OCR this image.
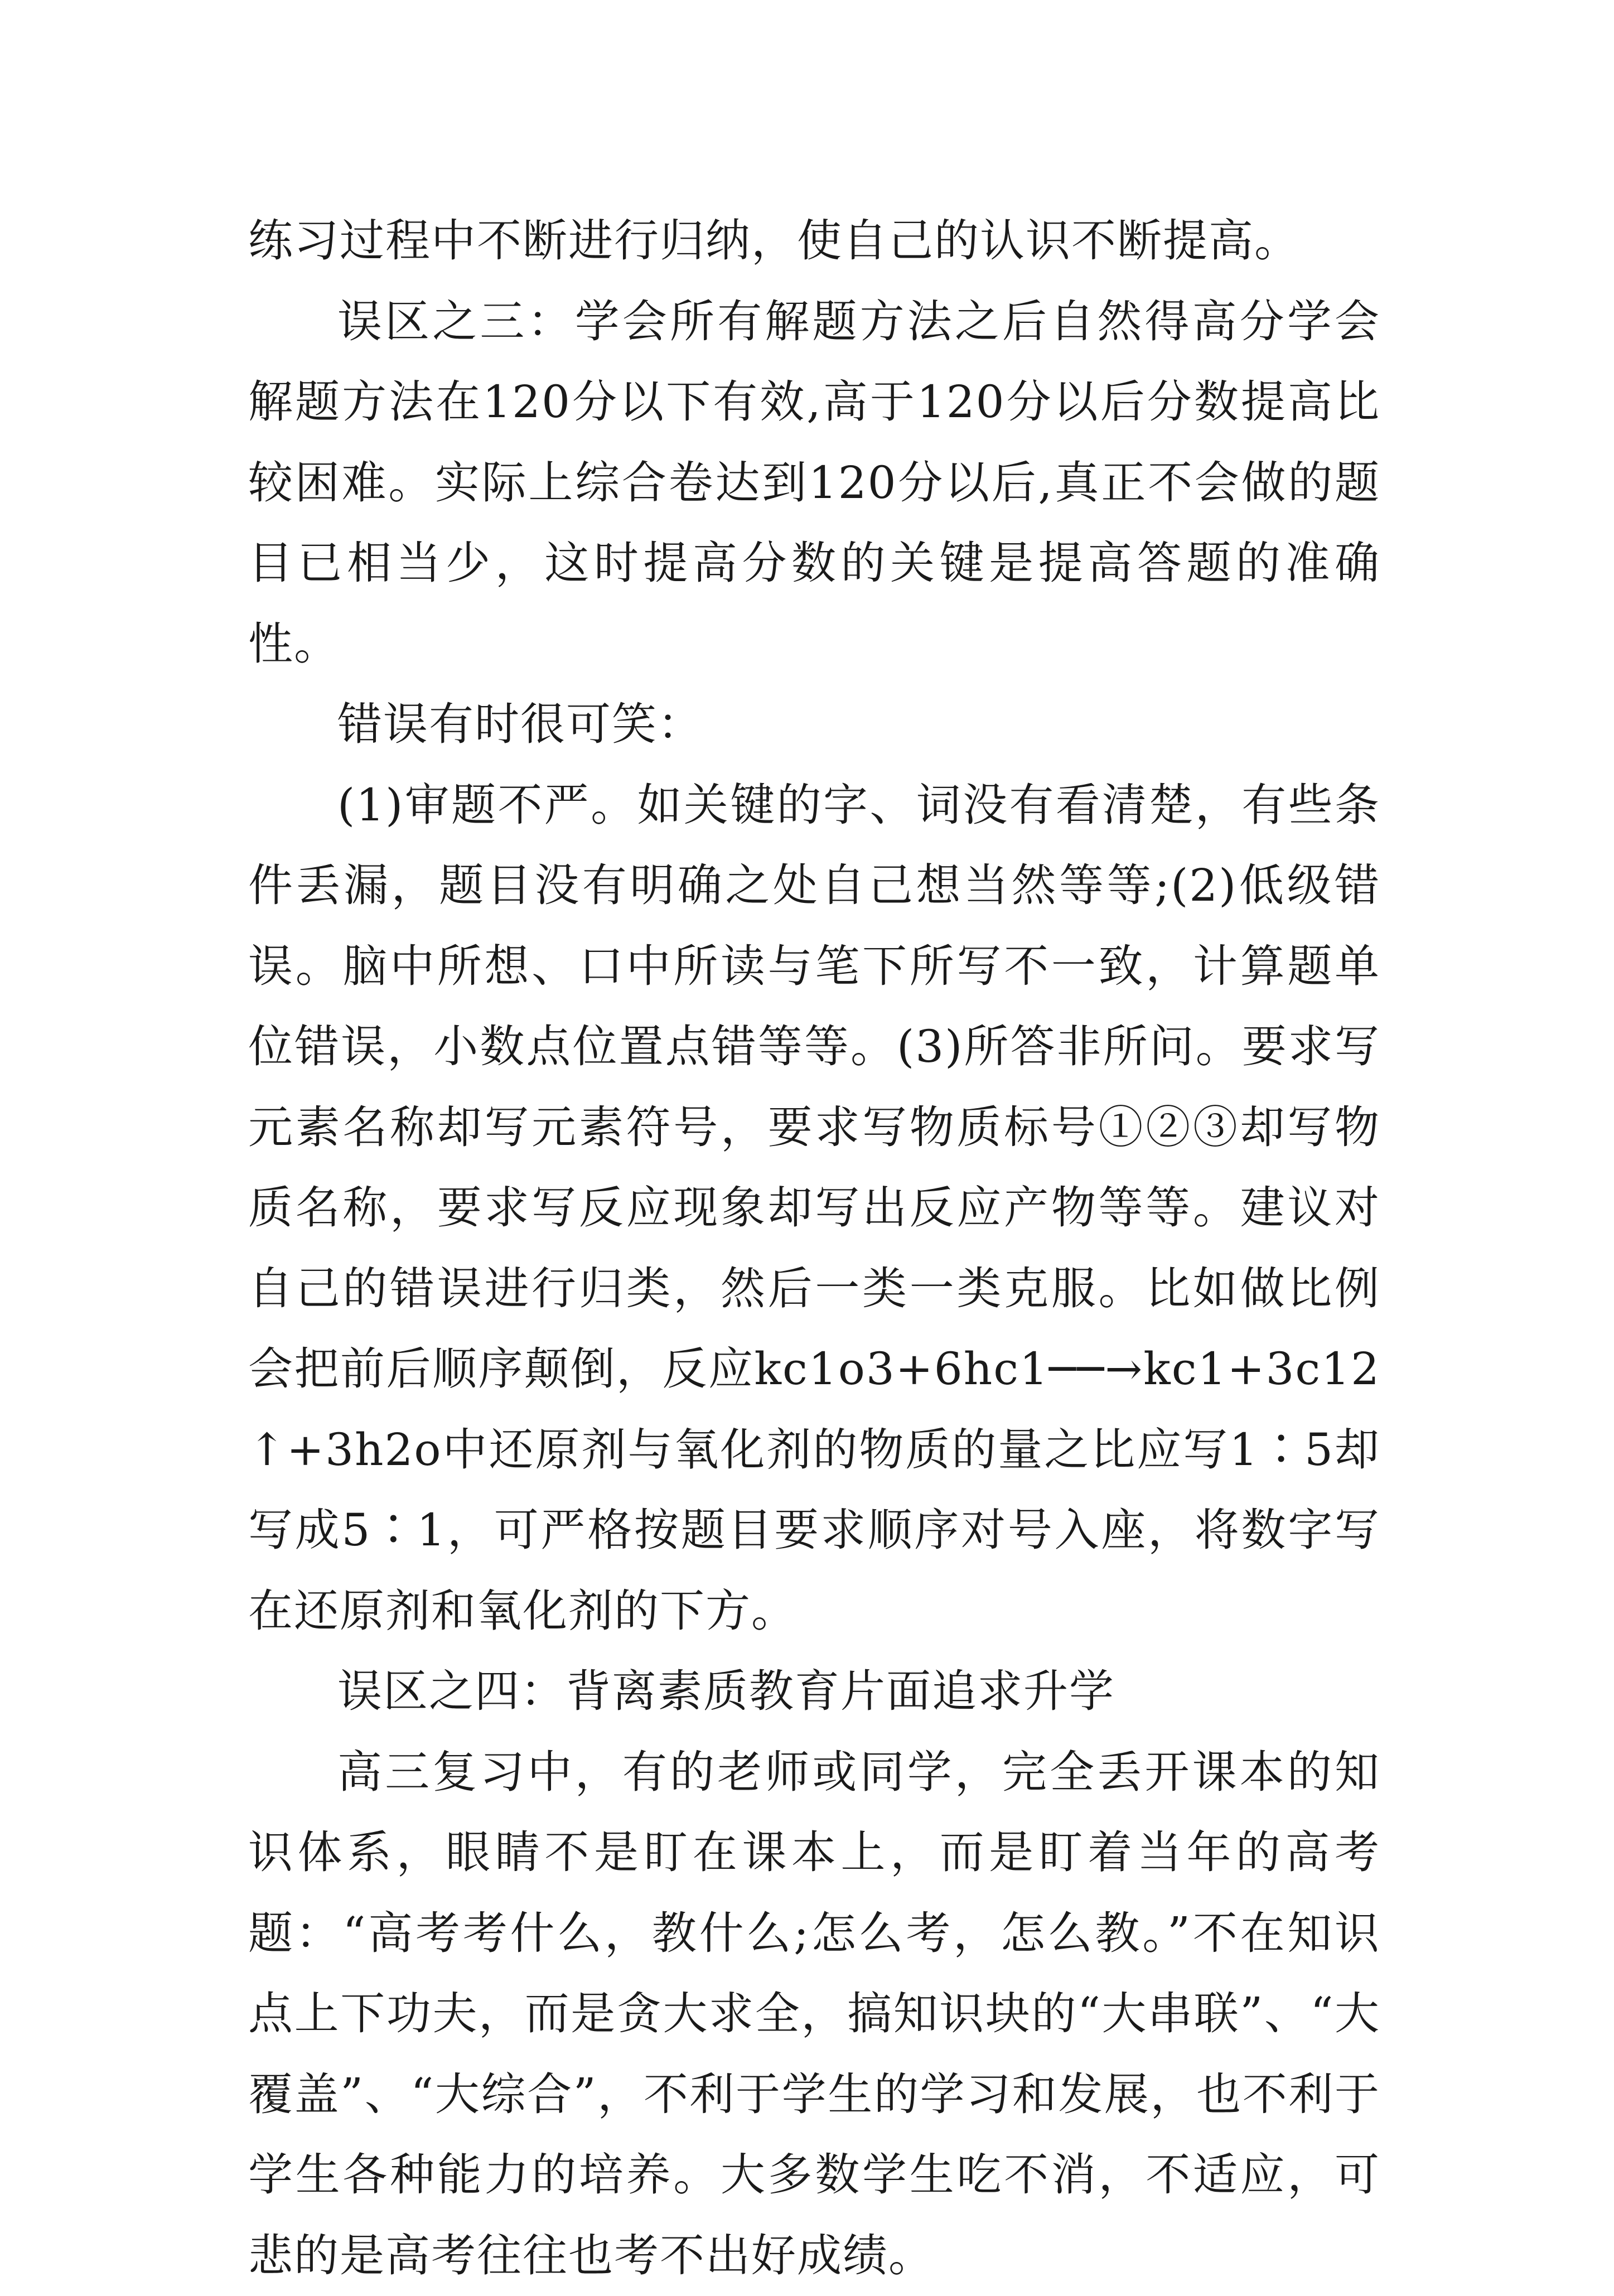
练习过程中不断进行归纳，使自己的认识不断提高。

误区之三：学会所有解题方法之后自然得高分学会解题方法在120分以下有效,高于120分以后分数提高比较困难。实际上综合卷达到120分以后,真正不会做的题目已相当少，这时提高分数的关键是提高答题的准确性。

错误有时很可笑：

(1)审题不严。如关键的字、词没有看清楚，有些条件丢漏，题目没有明确之处自己想当然等等;(2)低级错误。脑中所想、口中所读与笔下所写不一致，计算题单位错误，小数点位置点错等等。(3)所答非所问。要求写元素名称却写元素符号，要求写物质标号①②③却写物质名称，要求写反应现象却写出反应产物等等。建议对自己的错误进行归类，然后一类一类克服。比如做比例会把前后顺序颠倒，反应kc1o3+6hc1──→kc1+3c12↑+3h2o中还原剂与氧化剂的物质的量之比应写1∶5却写成5∶1，可严格按题目要求顺序对号入座，将数字写在还原剂和氧化剂的下方。

误区之四：背离素质教育片面追求升学

高三复习中，有的老师或同学，完全丢开课本的知识体系，眼睛不是盯在课本上，而是盯着当年的高考题：“高考考什么，教什么;怎么考，怎么教。”不在知识点上下功夫，而是贪大求全，搞知识块的“大串联”、“大覆盖”、“大综合”，不利于学生的学习和发展，也不利于学生各种能力的培养。大多数学生吃不消，不适应，可悲的是高考往往也考不出好成绩。
